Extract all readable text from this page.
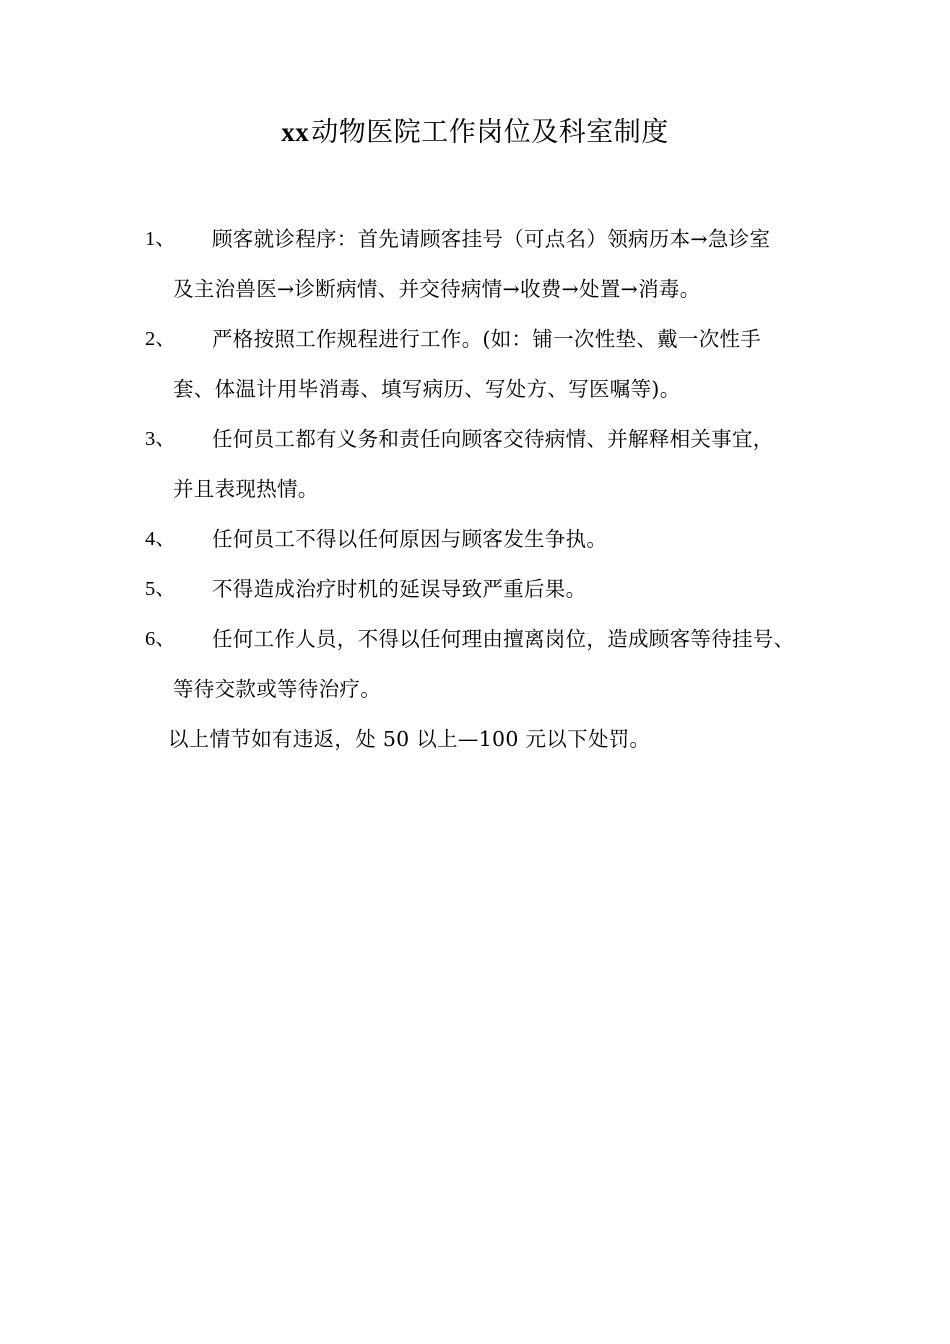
xx动物医院工作岗位及科室制度
1、 顾客就诊程序：首先请顾客挂号（可点名）领病历本→急诊室
及主治兽医→诊断病情、并交待病情→收费→处置→消毒。
2、 严格按照工作规程进行工作。(如：铺一次性垫、戴一次性手
套、体温计用毕消毒、填写病历、写处方、写医嘱等)。
3、 任何员工都有义务和责任向顾客交待病情、并解释相关事宜，
并且表现热情。
4、 任何员工不得以任何原因与顾客发生争执。
5、 不得造成治疗时机的延误导致严重后果。
6、 任何工作人员，不得以任何理由擅离岗位，造成顾客等待挂号、
等待交款或等待治疗。
以上情节如有违返，处 50 以上—100 元以下处罚。
